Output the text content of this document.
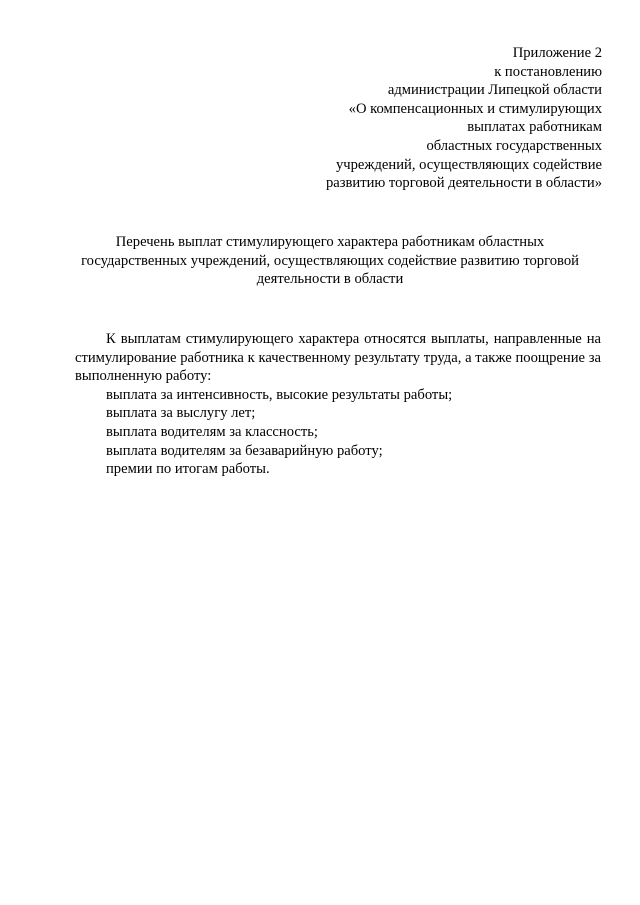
Приложение 2
к постановлению
администрации Липецкой области
«О компенсационных и стимулирующих
выплатах работникам
областных государственных
учреждений, осуществляющих содействие
развитию торговой деятельности в области»
Перечень выплат стимулирующего характера работникам областных
государственных учреждений, осуществляющих содействие развитию торговой
деятельности в области

К выплатам стимулирующего характера относятся выплаты, направленные на стимулирование работника к качественному результату труда, а также поощрение за выполненную работу:

выплата за интенсивность, высокие результаты работы;
выплата за выслугу лет;
выплата водителям за классность;
выплата водителям за безаварийную работу;
премии по итогам работы.
